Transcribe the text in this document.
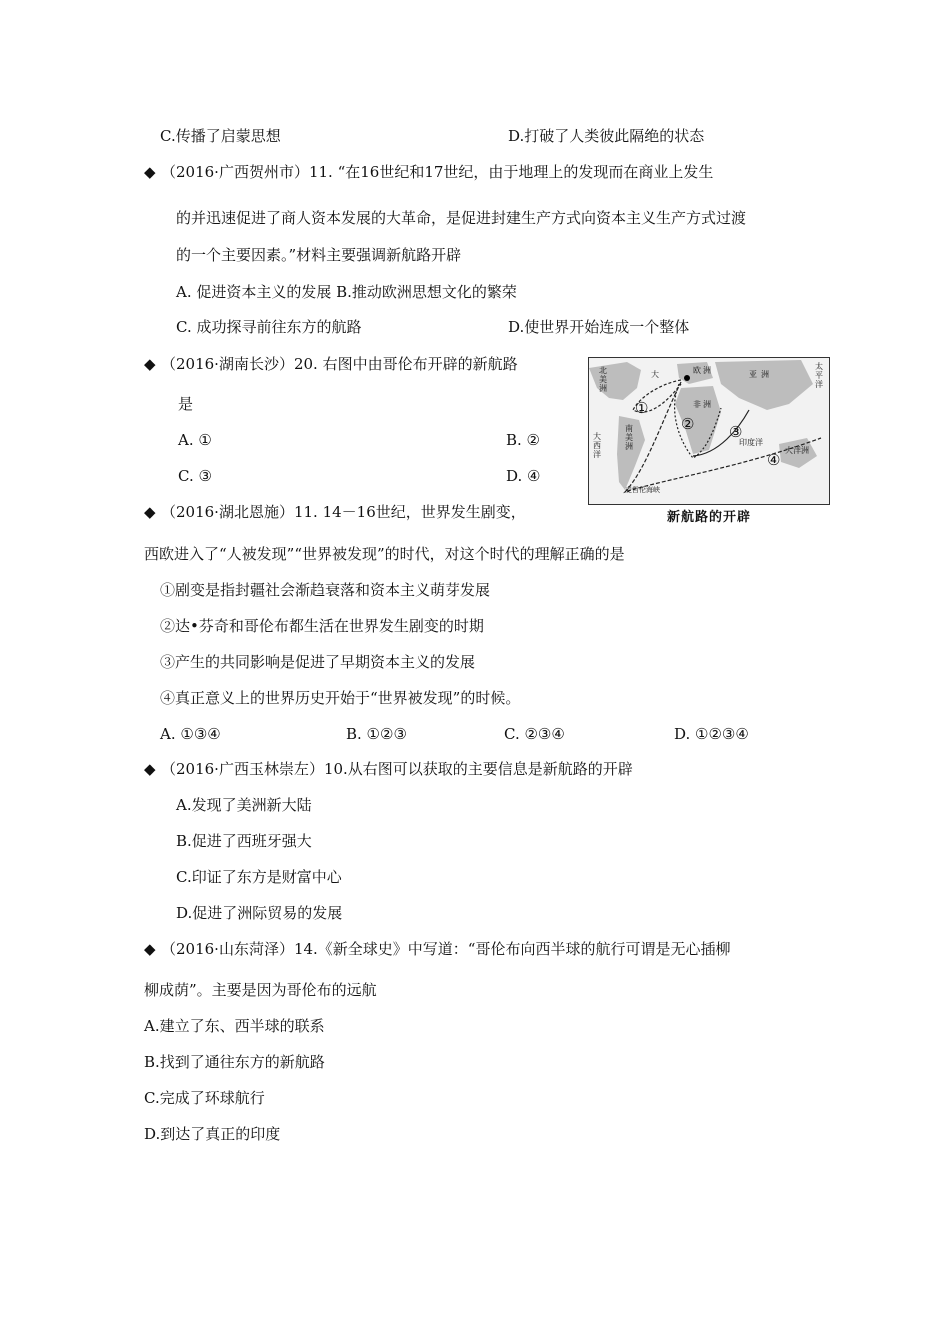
C.传播了启蒙思想	D.打破了人类彼此隔绝的状态
◆ （2016·广西贺州市）11. “在16世纪和17世纪，由于地理上的发现而在商业上发生
的并迅速促进了商人资本发展的大革命，是促进封建生产方式向资本主义生产方式过渡
的一个主要因素。”材料主要强调新航路开辟
A. 促进资本主义的发展 B.推动欧洲思想文化的繁荣
C. 成功探寻前往东方的航路	D.使世界开始连成一个整体
◆ （2016·湖南长沙）20. 右图中由哥伦布开辟的新航路
是
A. ①	B. ②
C. ③	D. ④
①
② ③
④
北
美
洲
大	欧 洲	亚 洲
非 洲
南
美
洲
大
西
洋
印度洋
大洋洲
太
平
洋
麦哲伦海峡
新航路的开辟
◆ （2016·湖北恩施）11. 14－16世纪，世界发生剧变，
西欧进入了“人被发现”“世界被发现”的时代，对这个时代的理解正确的是
①剧变是指封疆社会渐趋衰落和资本主义萌芽发展
②达•芬奇和哥伦布都生活在世界发生剧变的时期
③产生的共同影响是促进了早期资本主义的发展
④真正意义上的世界历史开始于“世界被发现”的时候。
A. ①③④	B. ①②③	C. ②③④	D. ①②③④
◆ （2016·广西玉林崇左）10.从右图可以获取的主要信息是新航路的开辟
A.发现了美洲新大陆
B.促进了西班牙强大
C.印证了东方是财富中心
D.促进了洲际贸易的发展
◆ （2016·山东菏泽）14.《新全球史》中写道：“哥伦布向西半球的航行可谓是无心插柳
柳成荫”。主要是因为哥伦布的远航
A.建立了东、西半球的联系
B.找到了通往东方的新航路
C.完成了环球航行
D.到达了真正的印度
